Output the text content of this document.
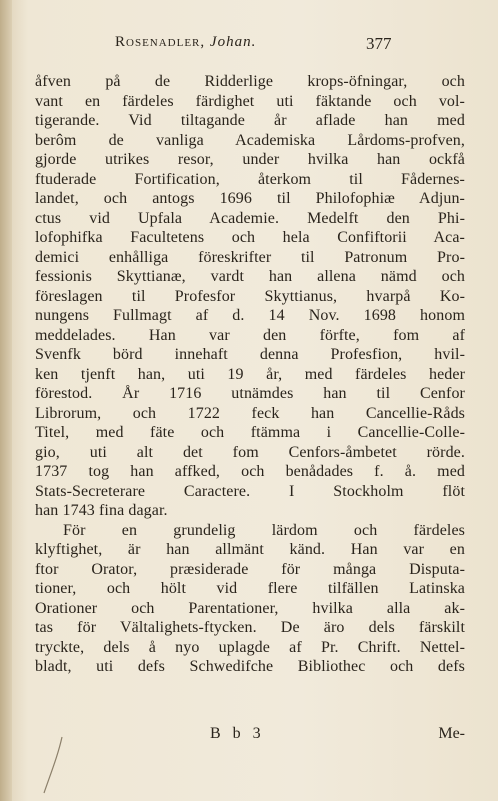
Rosenadler, Johan.	377
åfven på de Ridderlige krops-öfningar, och
vant en färdeles färdighet uti fäktande och vol-
tigerande. Vid tiltagande år aflade han med
berôm de vanliga Academiska Lårdoms-profven,
gjorde utrikes resor, under hvilka han ockfå
ftuderade Fortification, återkom til Fådernes-
landet, och antogs 1696 til Philofophiæ Adjun-
ctus vid Upfala Academie. Medelft den Phi-
lofophifka Facultetens och hela Confiftorii Aca-
demici enhålliga föreskrifter til Patronum Pro-
fessionis Skyttianæ, vardt han allena nämd och
föreslagen til Profesfor Skyttianus, hvarpå Ko-
nungens Fullmagt af d. 14 Nov. 1698 honom
meddelades. Han var den förfte, fom af
Svenfk börd innehaft denna Profesfion, hvil-
ken tjenft han, uti 19 år, med färdeles heder
förestod. År 1716 utnämdes han til Cenfor
Librorum, och 1722 feck han Cancellie-Råds
Titel, med fäte och ftämma i Cancellie-Colle-
gio, uti alt det fom Cenfors-åmbetet rörde.
1737 tog han affked, och benådades f. å. med
Stats-Secreterare Caractere. I Stockholm flöt
han 1743 fina dagar.
För en grundelig lärdom och färdeles
klyftighet, är han allmänt känd. Han var en
ftor Orator, præsiderade för många Disputa-
tioner, och hölt vid flere tilfällen Latinska
Orationer och Parentationer, hvilka alla ak-
tas för Vältalighets-ftycken. De äro dels färskilt
tryckte, dels å nyo uplagde af Pr. Chrift. Nettel-
bladt, uti defs Schwedifche Bibliothec och defs
B b 3	Me-
